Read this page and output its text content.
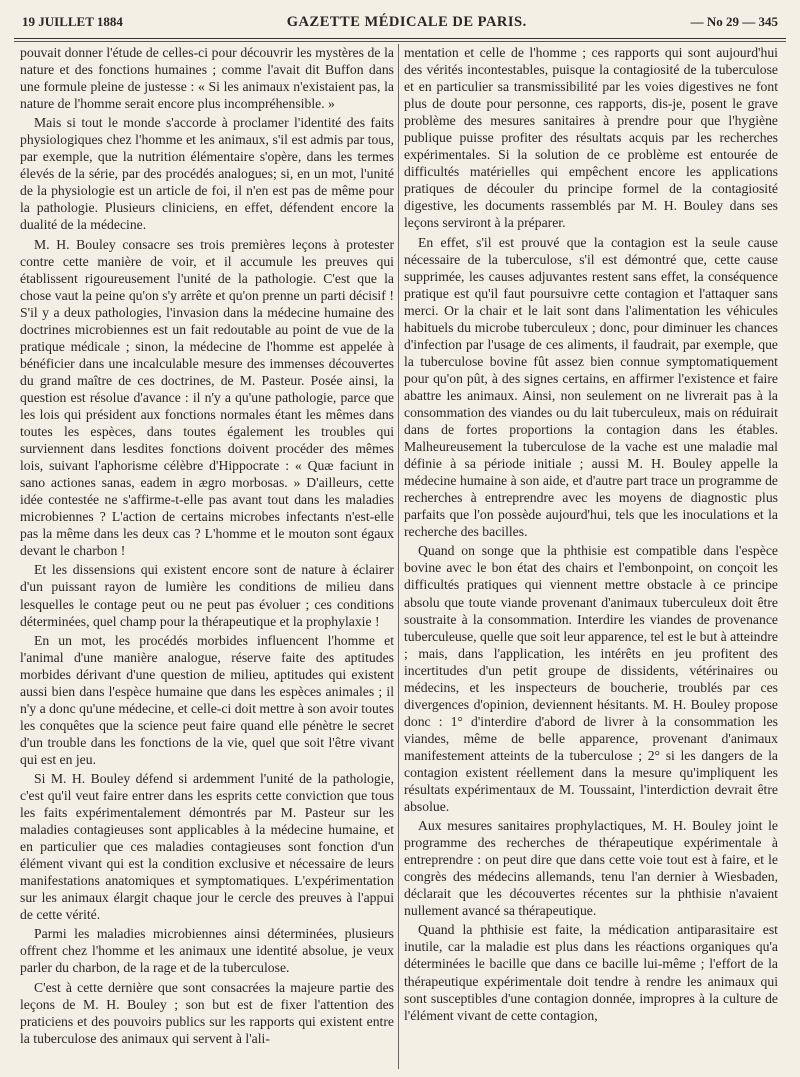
19 JUILLET 1884	GAZETTE MÉDICALE DE PARIS.	— No 29 — 345

pouvait donner l'étude de celles-ci pour découvrir les mystères de la nature et des fonctions humaines ; comme l'avait dit Buffon dans une formule pleine de justesse : « Si les animaux n'existaient pas, la nature de l'homme serait encore plus incompréhensible. »

Mais si tout le monde s'accorde à proclamer l'identité des faits physiologiques chez l'homme et les animaux, s'il est admis par tous, par exemple, que la nutrition élémentaire s'opère, dans les termes élevés de la série, par des procédés analogues; si, en un mot, l'unité de la physiologie est un article de foi, il n'en est pas de même pour la pathologie. Plusieurs cliniciens, en effet, défendent encore la dualité de la médecine.

M. H. Bouley consacre ses trois premières leçons à protester contre cette manière de voir, et il accumule les preuves qui établissent rigoureusement l'unité de la pathologie. C'est que la chose vaut la peine qu'on s'y arrête et qu'on prenne un parti décisif ! S'il y a deux pathologies, l'invasion dans la médecine humaine des doctrines microbiennes est un fait redoutable au point de vue de la pratique médicale ; sinon, la médecine de l'homme est appelée à bénéficier dans une incalculable mesure des immenses découvertes du grand maître de ces doctrines, de M. Pasteur. Posée ainsi, la question est résolue d'avance : il n'y a qu'une pathologie, parce que les lois qui président aux fonctions normales étant les mêmes dans toutes les espèces, dans toutes également les troubles qui surviennent dans lesdites fonctions doivent procéder des mêmes lois, suivant l'aphorisme célèbre d'Hippocrate : « Quæ faciunt in sano actiones sanas, eadem in ægro morbosas. » D'ailleurs, cette idée contestée ne s'affirme-t-elle pas avant tout dans les maladies microbiennes ? L'action de certains microbes infectants n'est-elle pas la même dans les deux cas ? L'homme et le mouton sont égaux devant le charbon !

Et les dissensions qui existent encore sont de nature à éclairer d'un puissant rayon de lumière les conditions de milieu dans lesquelles le contage peut ou ne peut pas évoluer ; ces conditions déterminées, quel champ pour la thérapeutique et la prophylaxie !

En un mot, les procédés morbides influencent l'homme et l'animal d'une manière analogue, réserve faite des aptitudes morbides dérivant d'une question de milieu, aptitudes qui existent aussi bien dans l'espèce humaine que dans les espèces animales ; il n'y a donc qu'une médecine, et celle-ci doit mettre à son avoir toutes les conquêtes que la science peut faire quand elle pénètre le secret d'un trouble dans les fonctions de la vie, quel que soit l'être vivant qui est en jeu.

Si M. H. Bouley défend si ardemment l'unité de la pathologie, c'est qu'il veut faire entrer dans les esprits cette conviction que tous les faits expérimentalement démontrés par M. Pasteur sur les maladies contagieuses sont applicables à la médecine humaine, et en particulier que ces maladies contagieuses sont fonction d'un élément vivant qui est la condition exclusive et nécessaire de leurs manifestations anatomiques et symptomatiques. L'expérimentation sur les animaux élargit chaque jour le cercle des preuves à l'appui de cette vérité.

Parmi les maladies microbiennes ainsi déterminées, plusieurs offrent chez l'homme et les animaux une identité absolue, je veux parler du charbon, de la rage et de la tuberculose.

C'est à cette dernière que sont consacrées la majeure partie des leçons de M. H. Bouley ; son but est de fixer l'attention des praticiens et des pouvoirs publics sur les rapports qui existent entre la tuberculose des animaux qui servent à l'ali-

mentation et celle de l'homme ; ces rapports qui sont aujourd'hui des vérités incontestables, puisque la contagiosité de la tuberculose et en particulier sa transmissibilité par les voies digestives ne font plus de doute pour personne, ces rapports, dis-je, posent le grave problème des mesures sanitaires à prendre pour que l'hygiène publique puisse profiter des résultats acquis par les recherches expérimentales. Si la solution de ce problème est entourée de difficultés matérielles qui empêchent encore les applications pratiques de découler du principe formel de la contagiosité digestive, les documents rassemblés par M. H. Bouley dans ses leçons serviront à la préparer.

En effet, s'il est prouvé que la contagion est la seule cause nécessaire de la tuberculose, s'il est démontré que, cette cause supprimée, les causes adjuvantes restent sans effet, la conséquence pratique est qu'il faut poursuivre cette contagion et l'attaquer sans merci. Or la chair et le lait sont dans l'alimentation les véhicules habituels du microbe tuberculeux ; donc, pour diminuer les chances d'infection par l'usage de ces aliments, il faudrait, par exemple, que la tuberculose bovine fût assez bien connue symptomatiquement pour qu'on pût, à des signes certains, en affirmer l'existence et faire abattre les animaux. Ainsi, non seulement on ne livrerait pas à la consommation des viandes ou du lait tuberculeux, mais on réduirait dans de fortes proportions la contagion dans les étables. Malheureusement la tuberculose de la vache est une maladie mal définie à sa période initiale ; aussi M. H. Bouley appelle la médecine humaine à son aide, et d'autre part trace un programme de recherches à entreprendre avec les moyens de diagnostic plus parfaits que l'on possède aujourd'hui, tels que les inoculations et la recherche des bacilles.

Quand on songe que la phthisie est compatible dans l'espèce bovine avec le bon état des chairs et l'embonpoint, on conçoit les difficultés pratiques qui viennent mettre obstacle à ce principe absolu que toute viande provenant d'animaux tuberculeux doit être soustraite à la consommation. Interdire les viandes de provenance tuberculeuse, quelle que soit leur apparence, tel est le but à atteindre ; mais, dans l'application, les intérêts en jeu profitent des incertitudes d'un petit groupe de dissidents, vétérinaires ou médecins, et les inspecteurs de boucherie, troublés par ces divergences d'opinion, deviennent hésitants. M. H. Bouley propose donc : 1° d'interdire d'abord de livrer à la consommation les viandes, même de belle apparence, provenant d'animaux manifestement atteints de la tuberculose ; 2° si les dangers de la contagion existent réellement dans la mesure qu'impliquent les résultats expérimentaux de M. Toussaint, l'interdiction devrait être absolue.

Aux mesures sanitaires prophylactiques, M. H. Bouley joint le programme des recherches de thérapeutique expérimentale à entreprendre : on peut dire que dans cette voie tout est à faire, et le congrès des médecins allemands, tenu l'an dernier à Wiesbaden, déclarait que les découvertes récentes sur la phthisie n'avaient nullement avancé sa thérapeutique.

Quand la phthisie est faite, la médication antiparasitaire est inutile, car la maladie est plus dans les réactions organiques qu'a déterminées le bacille que dans ce bacille lui-même ; l'effort de la thérapeutique expérimentale doit tendre à rendre les animaux qui sont susceptibles d'une contagion donnée, impropres à la culture de l'élément vivant de cette contagion,
